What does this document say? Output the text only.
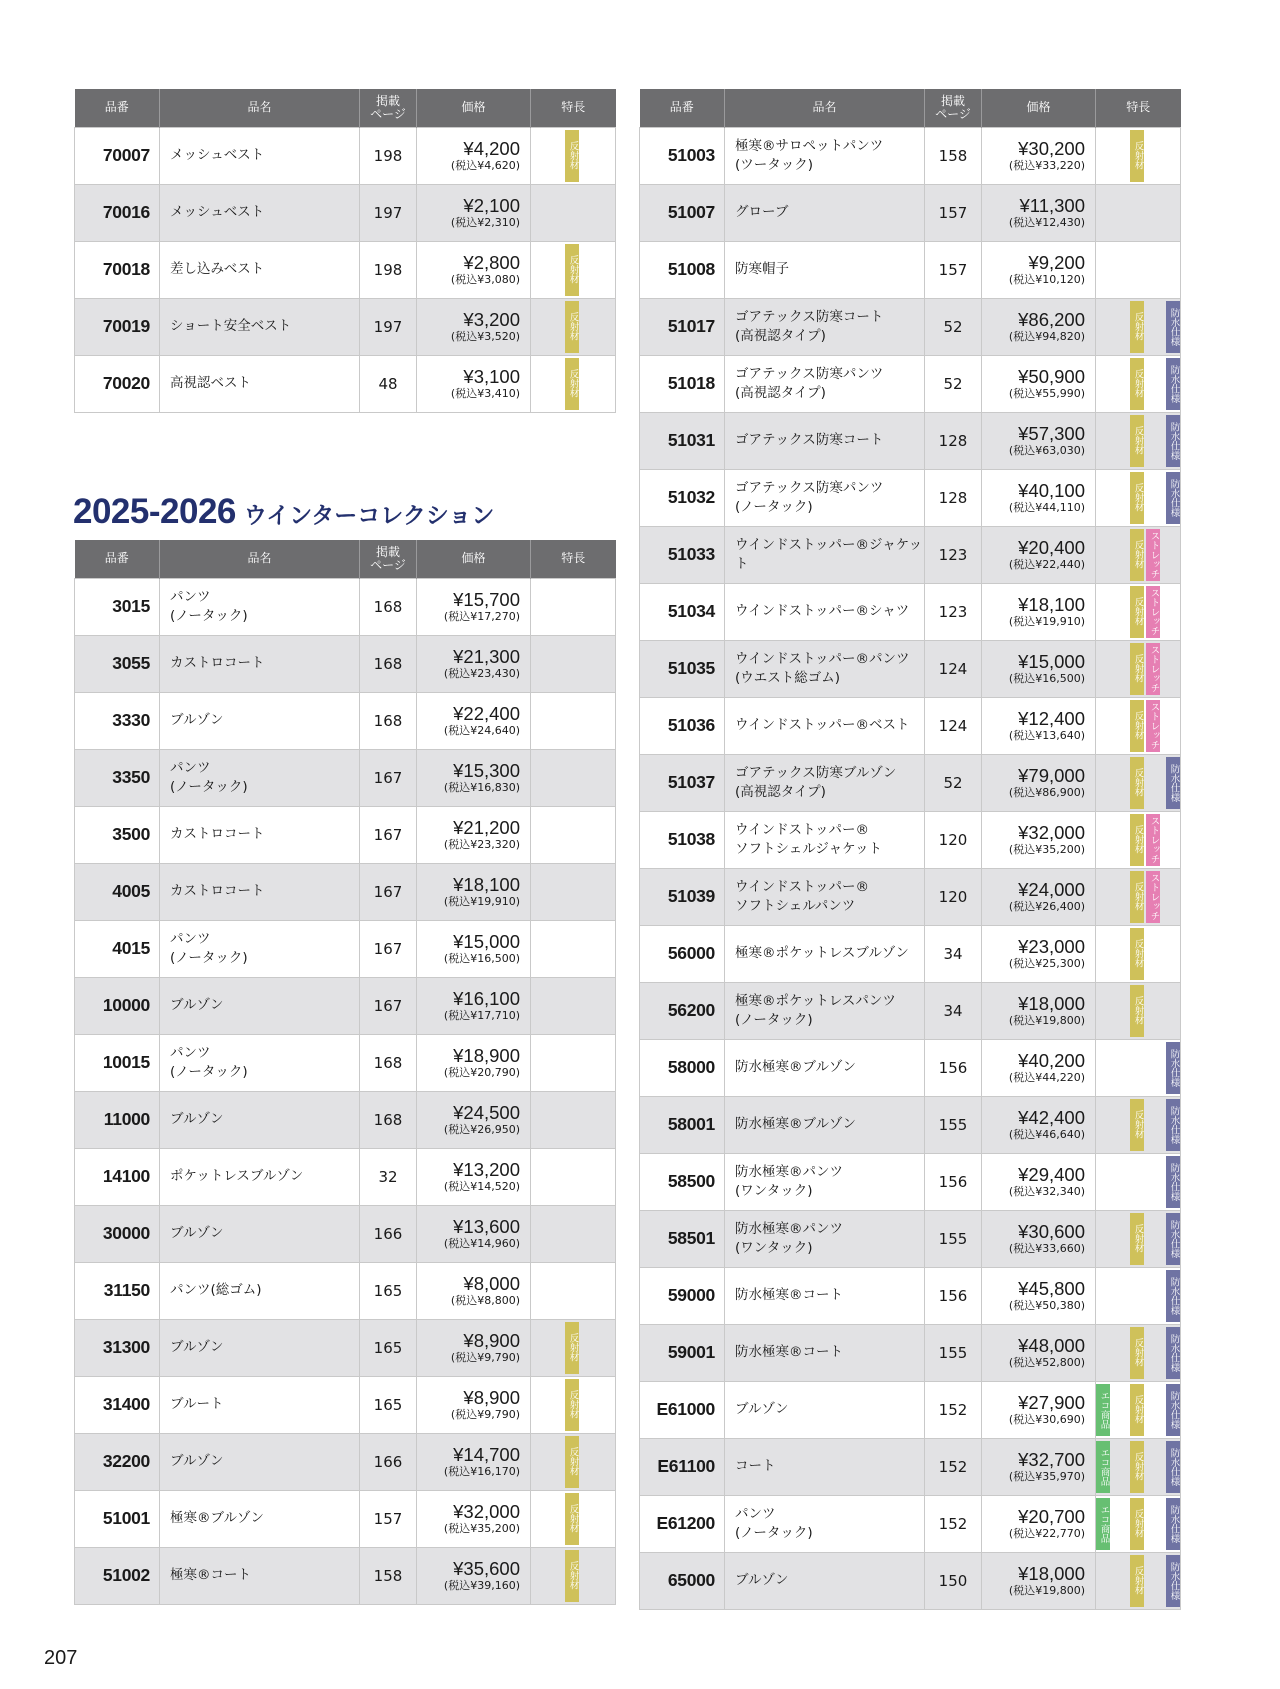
品番	品名	掲載
ページ	価格	特長
70007	メッシュベスト	198	¥4,200
(税込¥4,620)	反射材

70016	メッシュベスト	197	¥2,100
(税込¥2,310)	

70018	差し込みベスト	198	¥2,800
(税込¥3,080)	反射材

70019	ショート安全ベスト	197	¥3,200
(税込¥3,520)	反射材

70020	高視認ベスト	48	¥3,100
(税込¥3,410)	反射材
2025-2026 ウインターコレクション
品番	品名	掲載
ページ	価格	特長
3015	パンツ
(ノータック)	168	¥15,700
(税込¥17,270)	

3055	カストロコート	168	¥21,300
(税込¥23,430)	

3330	ブルゾン	168	¥22,400
(税込¥24,640)	

3350	パンツ
(ノータック)	167	¥15,300
(税込¥16,830)	

3500	カストロコート	167	¥21,200
(税込¥23,320)	

4005	カストロコート	167	¥18,100
(税込¥19,910)	

4015	パンツ
(ノータック)	167	¥15,000
(税込¥16,500)	

10000	ブルゾン	167	¥16,100
(税込¥17,710)	

10015	パンツ
(ノータック)	168	¥18,900
(税込¥20,790)	

11000	ブルゾン	168	¥24,500
(税込¥26,950)	

14100	ポケットレスブルゾン	32	¥13,200
(税込¥14,520)	

30000	ブルゾン	166	¥13,600
(税込¥14,960)	

31150	パンツ(総ゴム)	165	¥8,000
(税込¥8,800)	

31300	ブルゾン	165	¥8,900
(税込¥9,790)	反射材

31400	ブルート	165	¥8,900
(税込¥9,790)	反射材

32200	ブルゾン	166	¥14,700
(税込¥16,170)	反射材

51001	極寒®ブルゾン	157	¥32,000
(税込¥35,200)	反射材

51002	極寒®コート	158	¥35,600
(税込¥39,160)	反射材
品番	品名	掲載
ページ	価格	特長
51003	極寒®サロペットパンツ
(ツータック)	158	¥30,200
(税込¥33,220)	反射材

51007	グローブ	157	¥11,300
(税込¥12,430)	

51008	防寒帽子	157	¥9,200
(税込¥10,120)	

51017	ゴアテックス防寒コート
(高視認タイプ)	52	¥86,200
(税込¥94,820)	反射材 防水仕様

51018	ゴアテックス防寒パンツ
(高視認タイプ)	52	¥50,900
(税込¥55,990)	反射材 防水仕様

51031	ゴアテックス防寒コート	128	¥57,300
(税込¥63,030)	反射材 防水仕様

51032	ゴアテックス防寒パンツ
(ノータック)	128	¥40,100
(税込¥44,110)	反射材 防水仕様

51033	ウインドストッパー®ジャケット	123	¥20,400
(税込¥22,440)	反射材 ストレッチ

51034	ウインドストッパー®シャツ	123	¥18,100
(税込¥19,910)	反射材 ストレッチ

51035	ウインドストッパー®パンツ
(ウエスト総ゴム)	124	¥15,000
(税込¥16,500)	反射材 ストレッチ

51036	ウインドストッパー®ベスト	124	¥12,400
(税込¥13,640)	反射材 ストレッチ

51037	ゴアテックス防寒ブルゾン
(高視認タイプ)	52	¥79,000
(税込¥86,900)	反射材 防水仕様

51038	ウインドストッパー®
ソフトシェルジャケット	120	¥32,000
(税込¥35,200)	反射材 ストレッチ

51039	ウインドストッパー®
ソフトシェルパンツ	120	¥24,000
(税込¥26,400)	反射材 ストレッチ

56000	極寒®ポケットレスブルゾン	34	¥23,000
(税込¥25,300)	反射材

56200	極寒®ポケットレスパンツ
(ノータック)	34	¥18,000
(税込¥19,800)	反射材

58000	防水極寒®ブルゾン	156	¥40,200
(税込¥44,220)	防水仕様

58001	防水極寒®ブルゾン	155	¥42,400
(税込¥46,640)	反射材 防水仕様

58500	防水極寒®パンツ
(ワンタック)	156	¥29,400
(税込¥32,340)	防水仕様

58501	防水極寒®パンツ
(ワンタック)	155	¥30,600
(税込¥33,660)	反射材 防水仕様

59000	防水極寒®コート	156	¥45,800
(税込¥50,380)	防水仕様

59001	防水極寒®コート	155	¥48,000
(税込¥52,800)	反射材 防水仕様

E61000	ブルゾン	152	¥27,900
(税込¥30,690)	エコ商品 反射材 防水仕様

E61100	コート	152	¥32,700
(税込¥35,970)	エコ商品 反射材 防水仕様

E61200	パンツ
(ノータック)	152	¥20,700
(税込¥22,770)	エコ商品 反射材 防水仕様

65000	ブルゾン	150	¥18,000
(税込¥19,800)	反射材 防水仕様
207
